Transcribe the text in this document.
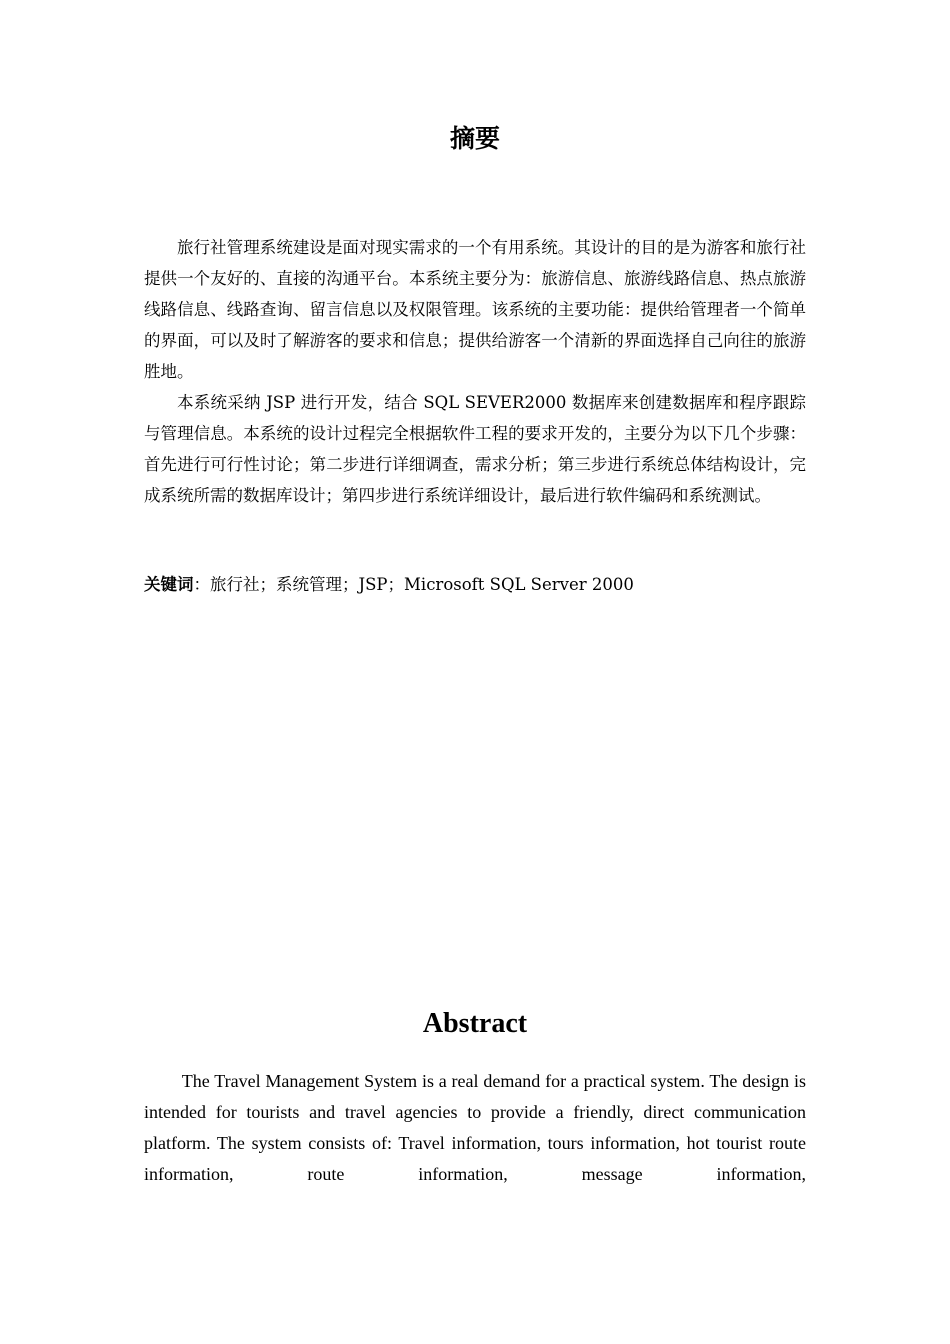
摘要

旅行社管理系统建设是面对现实需求的一个有用系统。其设计的目的是为游客和旅行社提供一个友好的、直接的沟通平台。本系统主要分为：旅游信息、旅游线路信息、热点旅游线路信息、线路查询、留言信息以及权限管理。该系统的主要功能：提供给管理者一个简单的界面，可以及时了解游客的要求和信息；提供给游客一个清新的界面选择自己向往的旅游胜地。

本系统采纳 JSP 进行开发，结合 SQL SEVER2000 数据库来创建数据库和程序跟踪与管理信息。本系统的设计过程完全根据软件工程的要求开发的，主要分为以下几个步骤：首先进行可行性讨论；第二步进行详细调查，需求分析；第三步进行系统总体结构设计，完成系统所需的数据库设计；第四步进行系统详细设计，最后进行软件编码和系统测试。

关键词：旅行社；系统管理；JSP；Microsoft SQL Server 2000
Abstract

The Travel Management System is a real demand for a practical system. The design is intended for tourists and travel agencies to provide a friendly, direct communication platform. The system consists of: Travel information, tours information, hot tourist route information, route information, message information,
